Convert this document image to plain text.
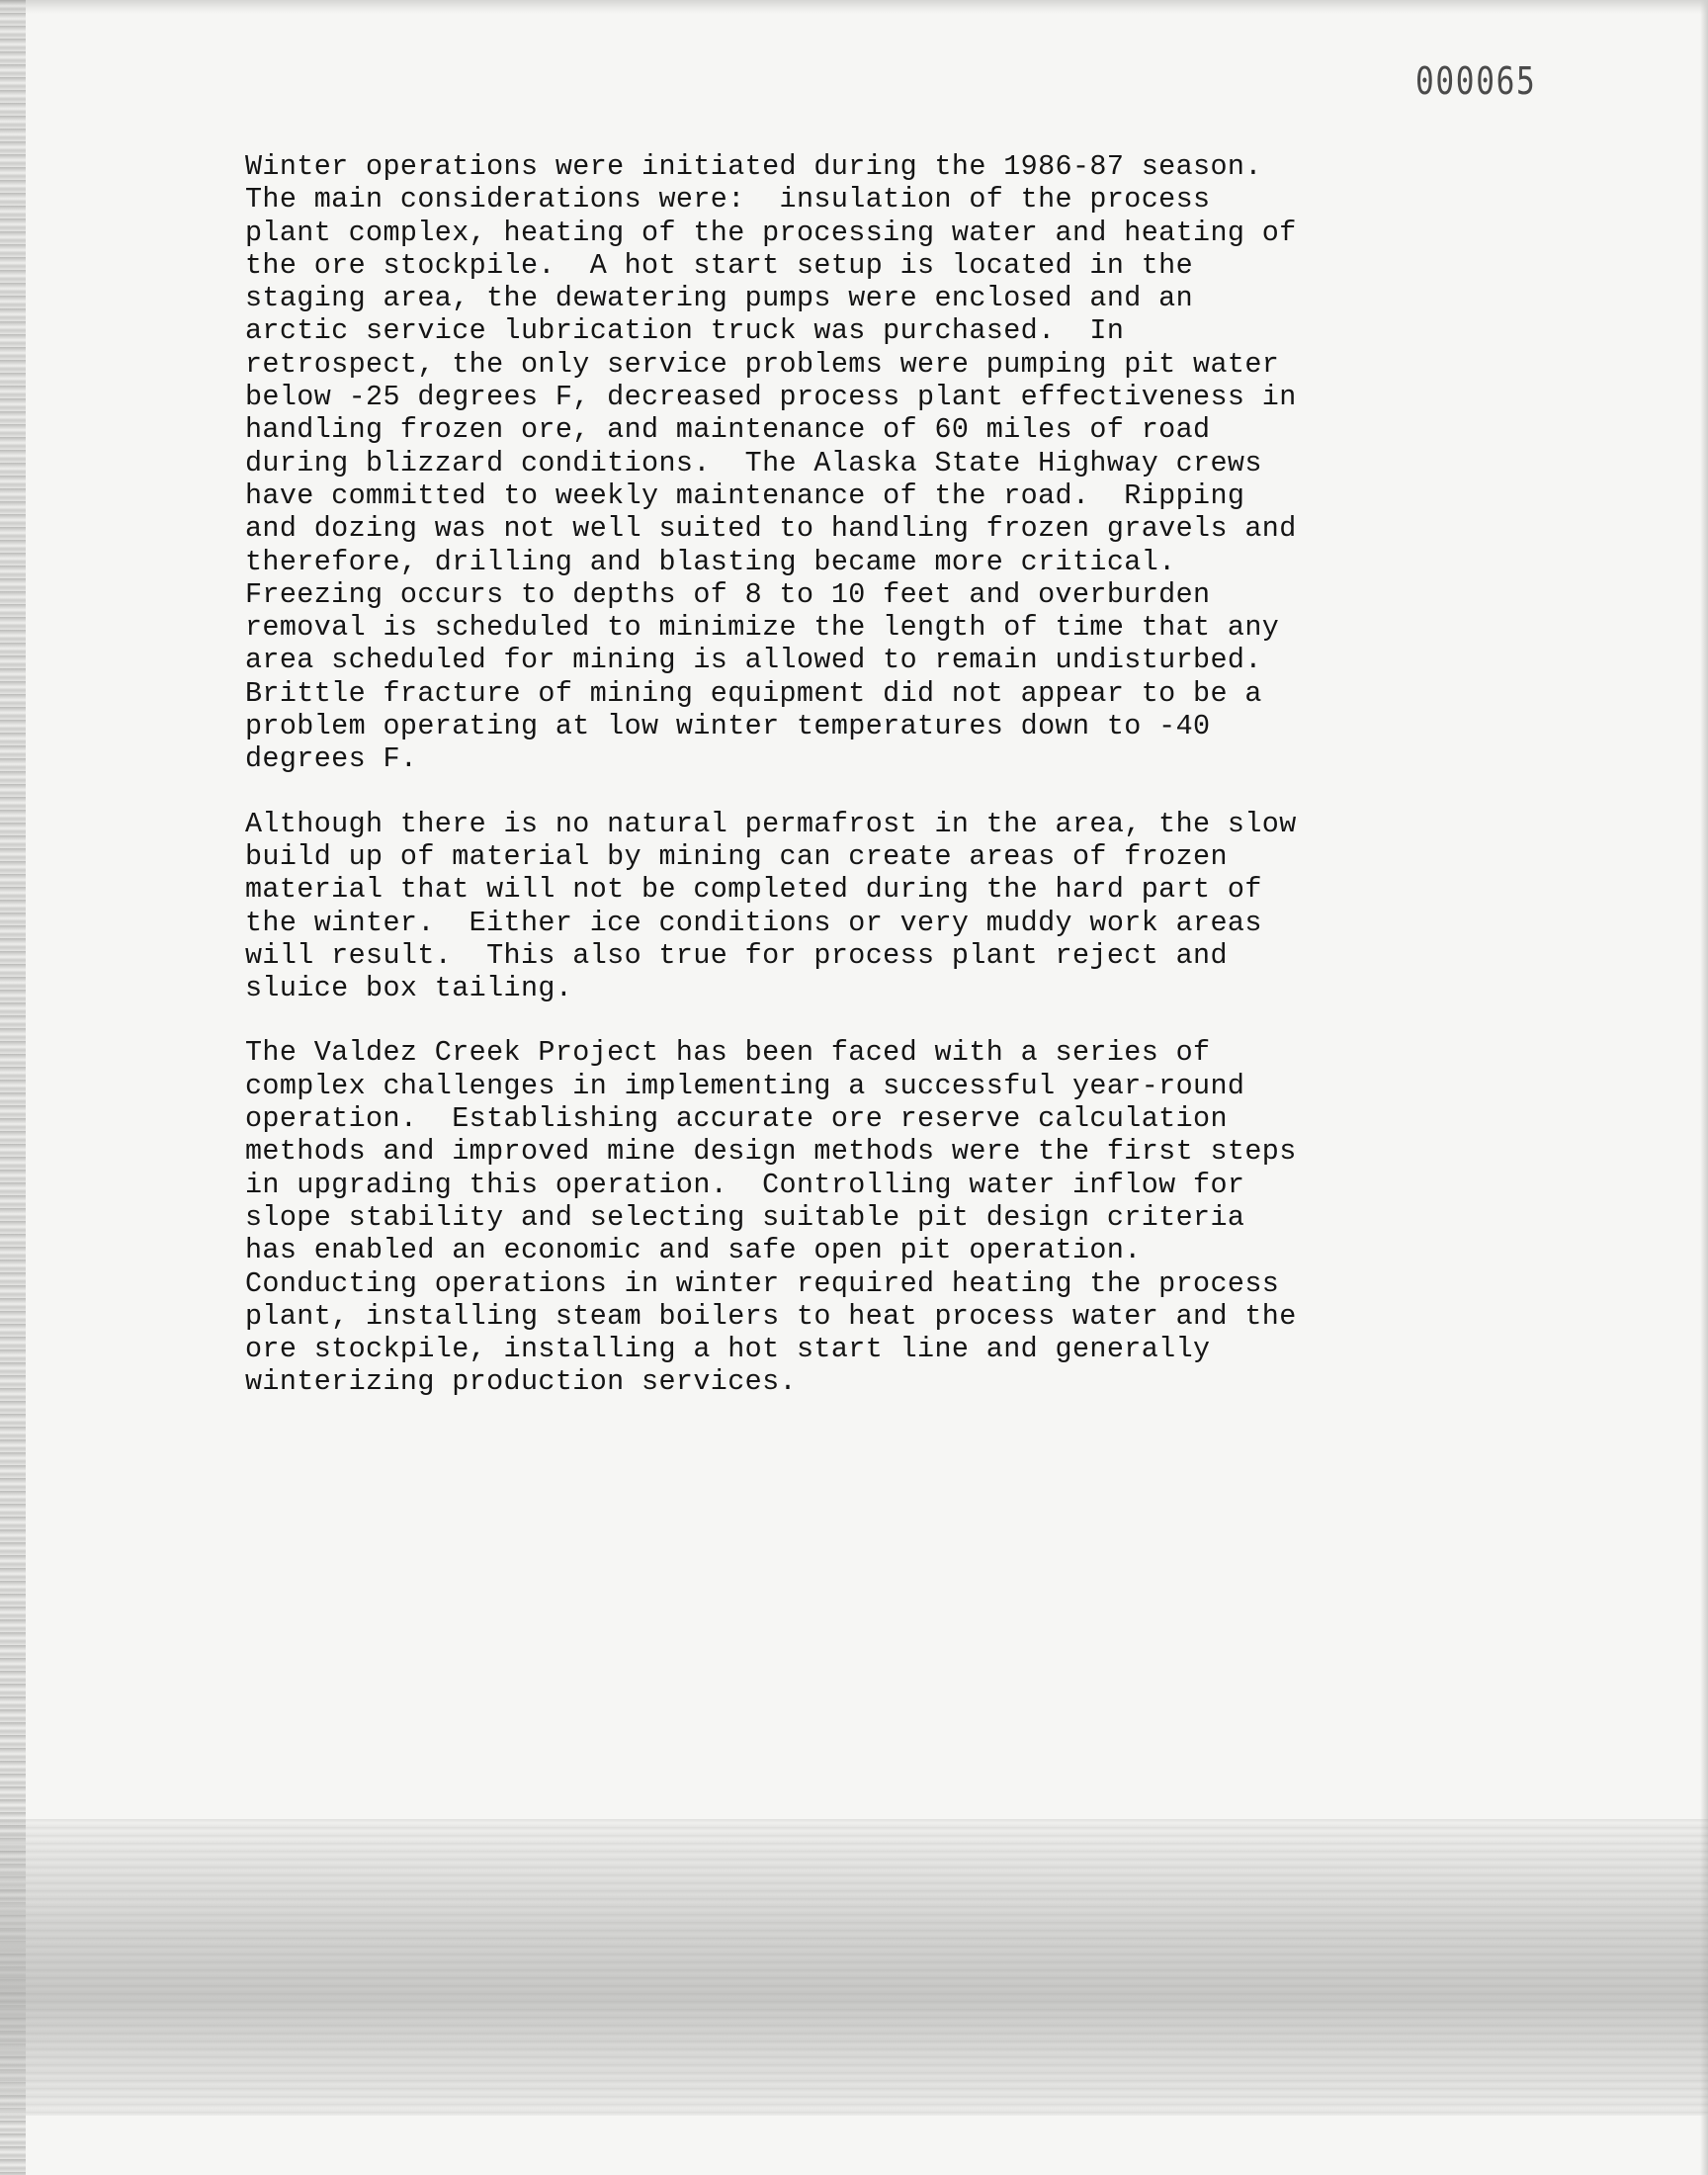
000065

Winter operations were initiated during the 1986-87 season.
The main considerations were:  insulation of the process
plant complex, heating of the processing water and heating of
the ore stockpile.  A hot start setup is located in the
staging area, the dewatering pumps were enclosed and an
arctic service lubrication truck was purchased.  In
retrospect, the only service problems were pumping pit water
below -25 degrees F, decreased process plant effectiveness in
handling frozen ore, and maintenance of 60 miles of road
during blizzard conditions.  The Alaska State Highway crews
have committed to weekly maintenance of the road.  Ripping
and dozing was not well suited to handling frozen gravels and
therefore, drilling and blasting became more critical.
Freezing occurs to depths of 8 to 10 feet and overburden
removal is scheduled to minimize the length of time that any
area scheduled for mining is allowed to remain undisturbed.
Brittle fracture of mining equipment did not appear to be a
problem operating at low winter temperatures down to -40
degrees F.

Although there is no natural permafrost in the area, the slow
build up of material by mining can create areas of frozen
material that will not be completed during the hard part of
the winter.  Either ice conditions or very muddy work areas
will result.  This also true for process plant reject and
sluice box tailing.

The Valdez Creek Project has been faced with a series of
complex challenges in implementing a successful year-round
operation.  Establishing accurate ore reserve calculation
methods and improved mine design methods were the first steps
in upgrading this operation.  Controlling water inflow for
slope stability and selecting suitable pit design criteria
has enabled an economic and safe open pit operation.
Conducting operations in winter required heating the process
plant, installing steam boilers to heat process water and the
ore stockpile, installing a hot start line and generally
winterizing production services.
